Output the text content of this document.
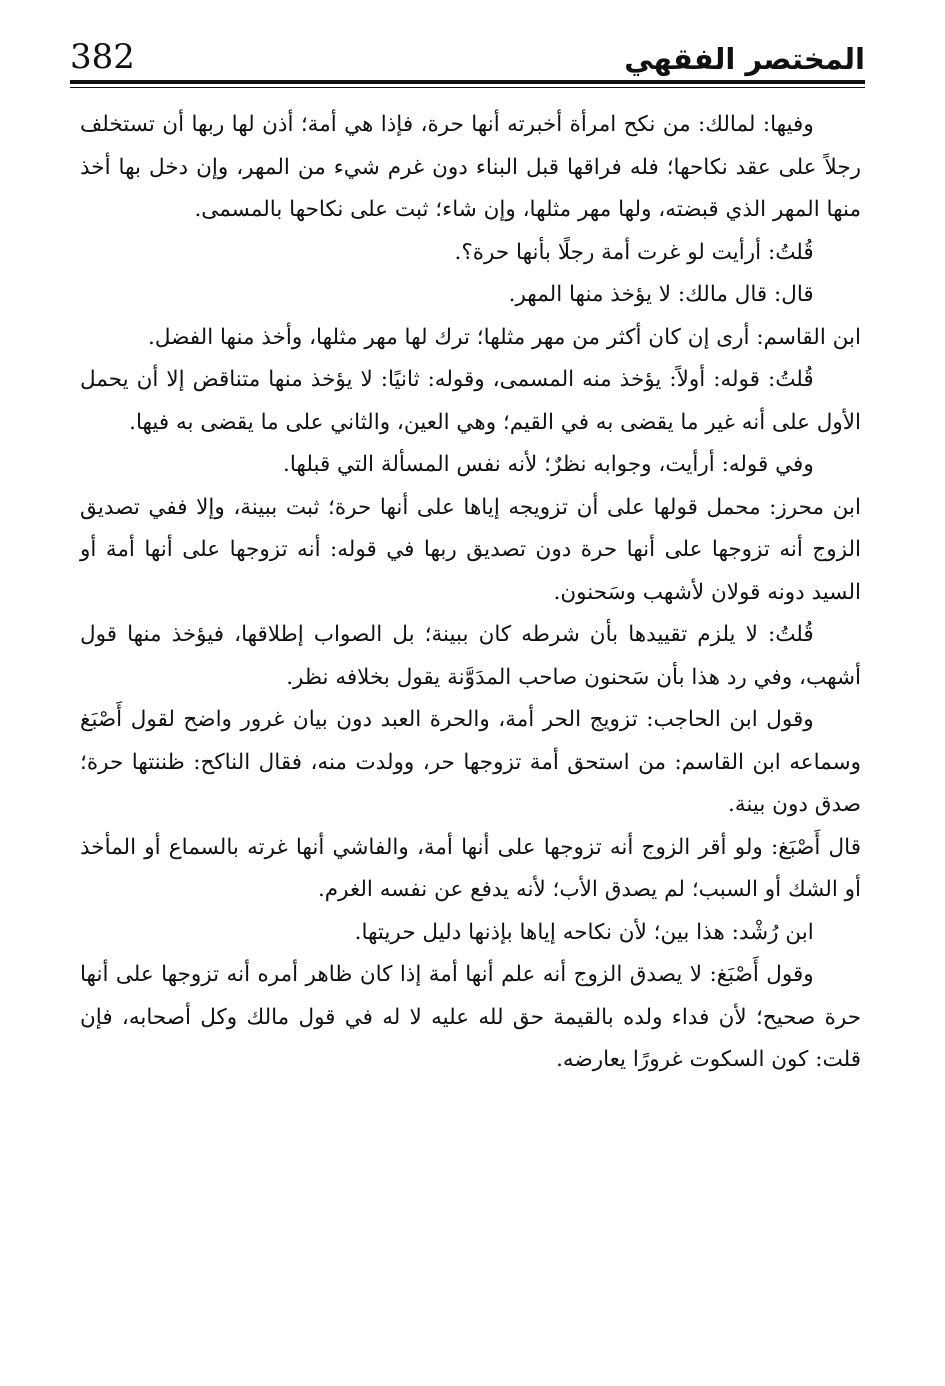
382	المختصر الفقهي

وفيها: لمالك: من نكح امرأة أخبرته أنها حرة، فإذا هي أمة؛ أذن لها ربها أن تستخلف رجلاً على عقد نكاحها؛ فله فراقها قبل البناء دون غرم شيء من المهر، وإن دخل بها أخذ منها المهر الذي قبضته، ولها مهر مثلها، وإن شاء؛ ثبت على نكاحها بالمسمى.

قُلتُ: أرأيت لو غرت أمة رجلًا بأنها حرة؟.

قال: قال مالك: لا يؤخذ منها المهر.

ابن القاسم: أرى إن كان أكثر من مهر مثلها؛ ترك لها مهر مثلها، وأخذ منها الفضل.

قُلتُ: قوله: أولاً: يؤخذ منه المسمى، وقوله: ثانيًا: لا يؤخذ منها متناقض إلا أن يحمل الأول على أنه غير ما يقضى به في القيم؛ وهي العين، والثاني على ما يقضى به فيها.

وفي قوله: أرأيت، وجوابه نظرٌ؛ لأنه نفس المسألة التي قبلها.

ابن محرز: محمل قولها على أن تزويجه إياها على أنها حرة؛ ثبت ببينة، وإلا ففي تصديق الزوج أنه تزوجها على أنها حرة دون تصديق ربها في قوله: أنه تزوجها على أنها أمة أو السيد دونه قولان لأشهب وسَحنون.

قُلتُ: لا يلزم تقييدها بأن شرطه كان ببينة؛ بل الصواب إطلاقها، فيؤخذ منها قول أشهب، وفي رد هذا بأن سَحنون صاحب المدَوَّنة يقول بخلافه نظر.

وقول ابن الحاجب: تزويج الحر أمة، والحرة العبد دون بيان غرور واضح لقول أَصْبَغ وسماعه ابن القاسم: من استحق أمة تزوجها حر، وولدت منه، فقال الناكح: ظننتها حرة؛ صدق دون بينة.

قال أَصْبَغ: ولو أقر الزوج أنه تزوجها على أنها أمة، والفاشي أنها غرته بالسماع أو المأخذ أو الشك أو السبب؛ لم يصدق الأب؛ لأنه يدفع عن نفسه الغرم.

ابن رُشْد: هذا بين؛ لأن نكاحه إياها بإذنها دليل حريتها.

وقول أَصْبَغ: لا يصدق الزوج أنه علم أنها أمة إذا كان ظاهر أمره أنه تزوجها على أنها حرة صحيح؛ لأن فداء ولده بالقيمة حق لله عليه لا له في قول مالك وكل أصحابه، فإن قلت: كون السكوت غرورًا يعارضه.
